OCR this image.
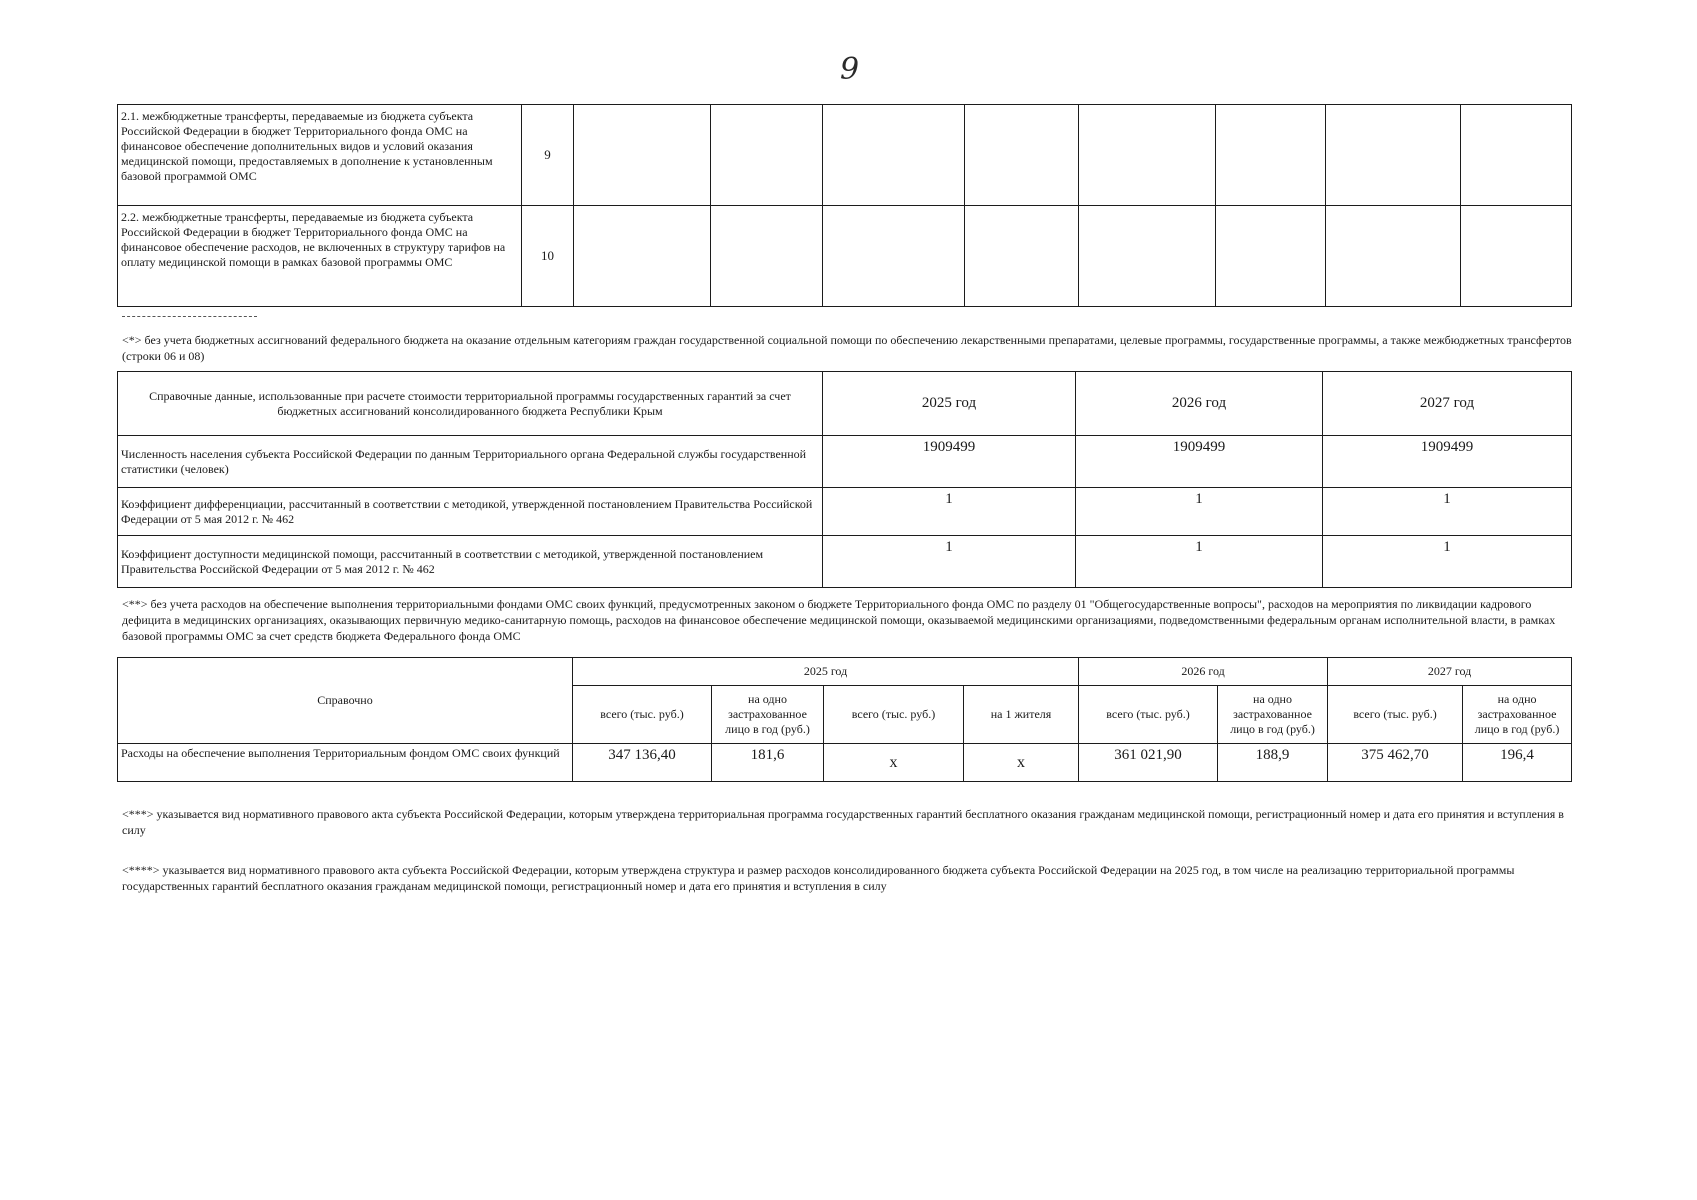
9
2.1. межбюджетные трансферты, передаваемые из бюджета субъекта Российской Федерации в бюджет Территориального фонда ОМС на финансовое обеспечение дополнительных видов и условий оказания медицинской помощи, предоставляемых в дополнение к установленным базовой программой ОМС	9								
2.2. межбюджетные трансферты, передаваемые из бюджета субъекта Российской Федерации в бюджет Территориального фонда ОМС на финансовое обеспечение расходов, не включенных в структуру тарифов на оплату медицинской помощи в рамках базовой программы ОМС	10								
<*> без учета бюджетных ассигнований федерального бюджета на оказание отдельным категориям граждан государственной социальной помощи по обеспечению лекарственными препаратами, целевые программы, государственные программы, а также межбюджетных трансфертов (строки 06 и 08)
Справочные данные, использованные при расчете стоимости территориальной программы государственных гарантий за счет бюджетных ассигнований консолидированного бюджета Республики Крым	2025 год	2026 год	2027 год
Численность населения субъекта Российской Федерации по данным Территориального органа Федеральной службы государственной статистики (человек)	1909499	1909499	1909499
Коэффициент дифференциации, рассчитанный в соответствии с методикой, утвержденной постановлением Правительства Российской Федерации от 5 мая 2012 г. № 462	1	1	1
Коэффициент доступности медицинской помощи, рассчитанный в соответствии с методикой, утвержденной постановлением Правительства Российской Федерации от 5 мая 2012 г. № 462	1	1	1
<**> без учета расходов на обеспечение выполнения территориальными фондами ОМС своих функций, предусмотренных законом о бюджете Территориального фонда ОМС по разделу 01 "Общегосударственные вопросы", расходов на мероприятия по ликвидации кадрового дефицита в медицинских организациях, оказывающих первичную медико-санитарную помощь, расходов на финансовое обеспечение медицинской помощи, оказываемой медицинскими организациями, подведомственными федеральным органам исполнительной власти, в рамках базовой программы ОМС за счет средств бюджета Федерального фонда ОМС
Справочно	2025 год				2026 год		2027 год	
	всего (тыс. руб.)	на одно застрахованное лицо в год (руб.)	всего (тыс. руб.)	на 1 жителя	всего (тыс. руб.)	на одно застрахованное лицо в год (руб.)	всего (тыс. руб.)	на одно застрахованное лицо в год (руб.)
Расходы на обеспечение выполнения Территориальным фондом ОМС своих функций	347 136,40	181,6	x	x	361 021,90	188,9	375 462,70	196,4
<***> указывается вид нормативного правового акта субъекта Российской Федерации, которым утверждена территориальная программа государственных гарантий бесплатного оказания гражданам медицинской помощи, регистрационный номер и дата его принятия и вступления в силу
<****> указывается вид нормативного правового акта субъекта Российской Федерации, которым утверждена структура и размер расходов консолидированного бюджета субъекта Российской Федерации на 2025 год, в том числе на реализацию территориальной программы государственных гарантий бесплатного оказания гражданам медицинской помощи, регистрационный номер и дата его принятия и вступления в силу
